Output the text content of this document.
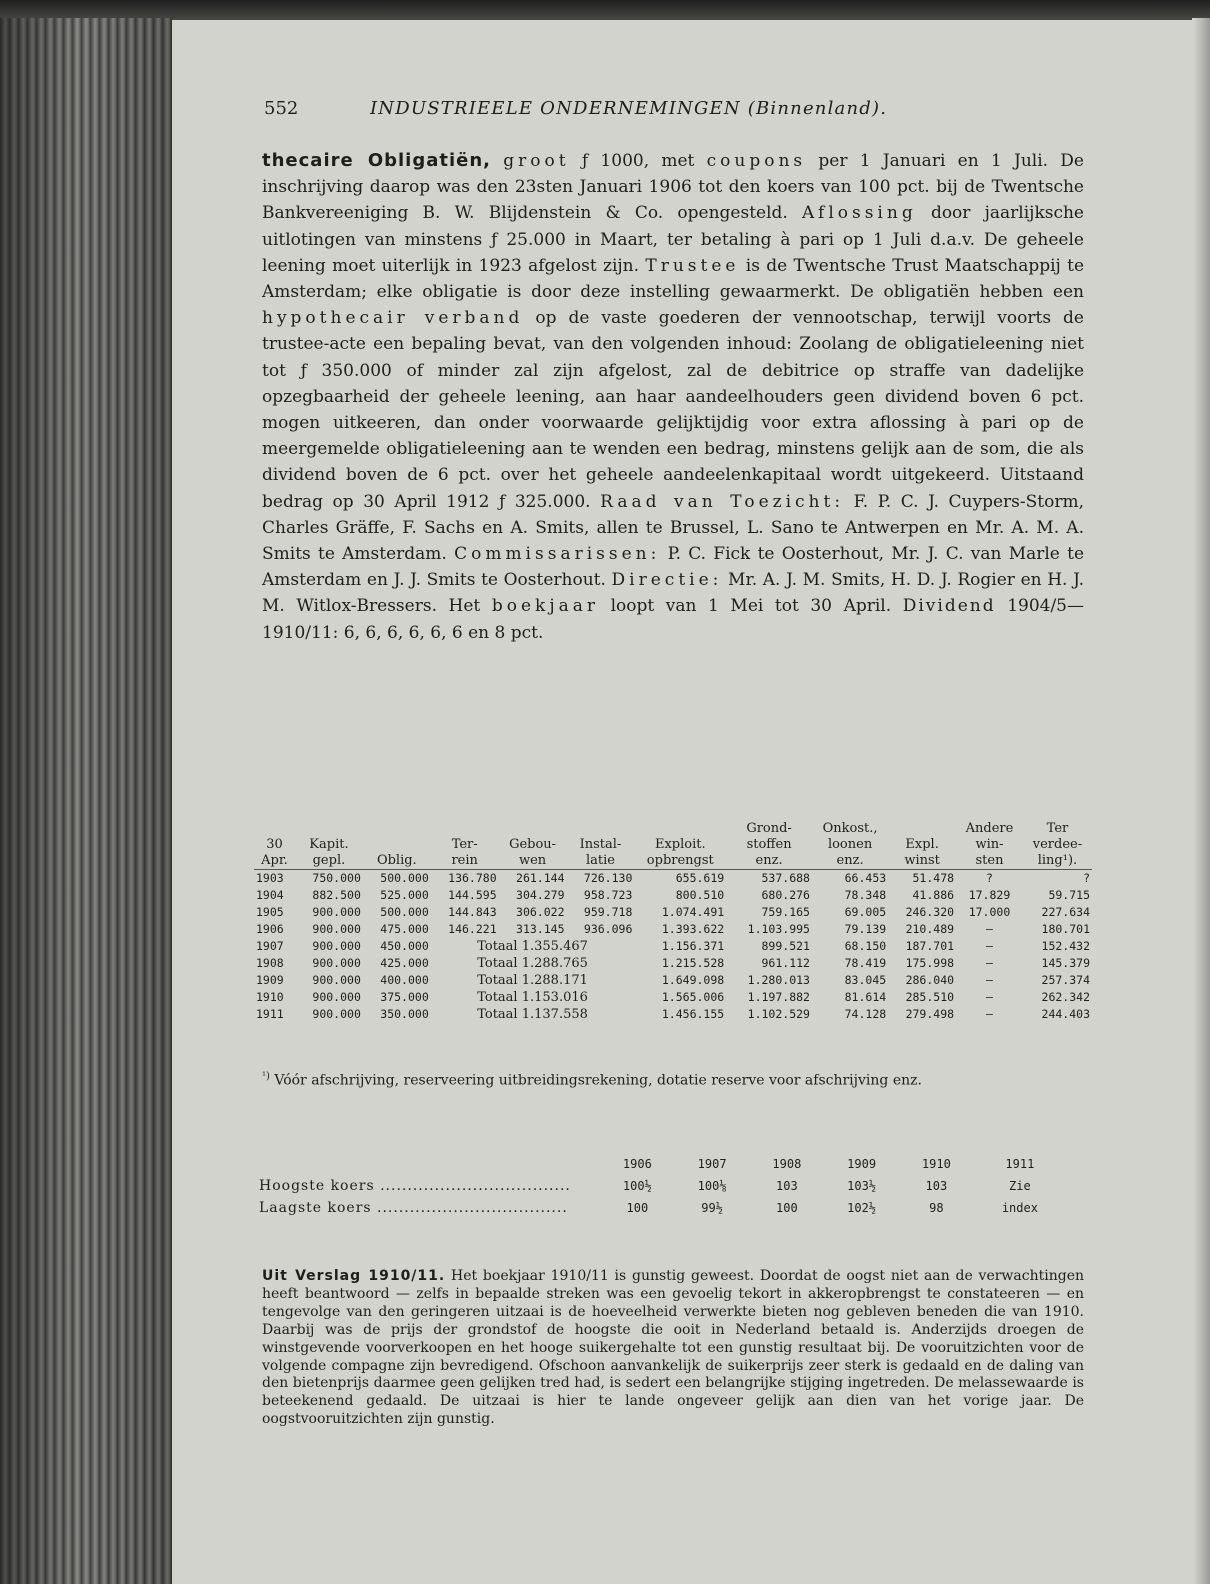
552	INDUSTRIEELE ONDERNEMINGEN (Binnenland).

thecaire Obligatiën, groot ƒ 1000, met coupons per 1 Januari en 1 Juli. De inschrijving daarop was den 23sten Januari 1906 tot den koers van 100 pct. bij de Twentsche Bankvereeniging B. W. Blijdenstein & Co. opengesteld. Aflossing door jaarlijksche uitlotingen van minstens ƒ 25.000 in Maart, ter betaling à pari op 1 Juli d.a.v. De geheele leening moet uiterlijk in 1923 afgelost zijn. Trustee is de Twentsche Trust Maatschappij te Amsterdam; elke obligatie is door deze instelling gewaarmerkt. De obligatiën hebben een hypothecair verband op de vaste goederen der vennootschap, terwijl voorts de trustee-acte een bepaling bevat, van den volgenden inhoud: Zoolang de obligatieleening niet tot ƒ 350.000 of minder zal zijn afgelost, zal de debitrice op straffe van dadelijke opzegbaarheid der geheele leening, aan haar aandeelhouders geen dividend boven 6 pct. mogen uitkeeren, dan onder voorwaarde gelijktijdig voor extra aflossing à pari op de meergemelde obligatieleening aan te wenden een bedrag, minstens gelijk aan de som, die als dividend boven de 6 pct. over het geheele aandeelenkapitaal wordt uitgekeerd. Uitstaand bedrag op 30 April 1912 ƒ 325.000. Raad van Toezicht: F. P. C. J. Cuypers-Storm, Charles Gräffe, F. Sachs en A. Smits, allen te Brussel, L. Sano te Antwerpen en Mr. A. M. A. Smits te Amsterdam. Commissarissen: P. C. Fick te Oosterhout, Mr. J. C. van Marle te Amsterdam en J. J. Smits te Oosterhout. Directie: Mr. A. J. M. Smits, H. D. J. Rogier en H. J. M. Witlox-Bressers. Het boekjaar loopt van 1 Mei tot 30 April. Dividend 1904/5—1910/11: 6, 6, 6, 6, 6, 6 en 8 pct.

							Grond-	Onkost.,		Andere	Ter
30	Kapit.		Ter-	Gebou-	Instal-	Exploit.	stoffen	loonen	Expl.	win-	verdee-
Apr.	gepl.	Oblig.	rein	wen	latie	opbrengst	enz.	enz.	winst	sten	ling¹).
1903	750.000	500.000	136.780	261.144	726.130	655.619	537.688	66.453	51.478	?	?
1904	882.500	525.000	144.595	304.279	958.723	800.510	680.276	78.348	41.886	17.829	59.715
1905	900.000	500.000	144.843	306.022	959.718	1.074.491	759.165	69.005	246.320	17.000	227.634
1906	900.000	475.000	146.221	313.145	936.096	1.393.622	1.103.995	79.139	210.489	—	180.701
1907	900.000	450.000	Totaal 1.355.467			1.156.371	899.521	68.150	187.701	—	152.432
1908	900.000	425.000	Totaal 1.288.765			1.215.528	961.112	78.419	175.998	—	145.379
1909	900.000	400.000	Totaal 1.288.171			1.649.098	1.280.013	83.045	286.040	—	257.374
1910	900.000	375.000	Totaal 1.153.016			1.565.006	1.197.882	81.614	285.510	—	262.342
1911	900.000	350.000	Totaal 1.137.558			1.456.155	1.102.529	74.128	279.498	—	244.403
$^{^1)}$ Vóór afschrijving, reserveering uitbreidingsrekening, dotatie reserve voor afschrijving enz.
	1906	1907	1908	1909	1910	1911
Hoogste koers ...................................	100½	100⅛	103	103½	103	Zie
Laagste koers ...................................	100	99½	100	102½	98	index
Uit Verslag 1910/11. Het boekjaar 1910/11 is gunstig geweest. Doordat de oogst niet aan de verwachtingen heeft beantwoord — zelfs in bepaalde streken was een gevoelig tekort in akkeropbrengst te constateeren — en tengevolge van den geringeren uitzaai is de hoeveelheid verwerkte bieten nog gebleven beneden die van 1910. Daarbij was de prijs der grondstof de hoogste die ooit in Nederland betaald is. Anderzijds droegen de winstgevende voorverkoopen en het hooge suikergehalte tot een gunstig resultaat bij. De vooruitzichten voor de volgende compagne zijn bevredigend. Ofschoon aanvankelijk de suikerprijs zeer sterk is gedaald en de daling van den bietenprijs daarmee geen gelijken tred had, is sedert een belangrijke stijging ingetreden. De melassewaarde is beteekenend gedaald. De uitzaai is hier te lande ongeveer gelijk aan dien van het vorige jaar. De oogstvooruitzichten zijn gunstig.
